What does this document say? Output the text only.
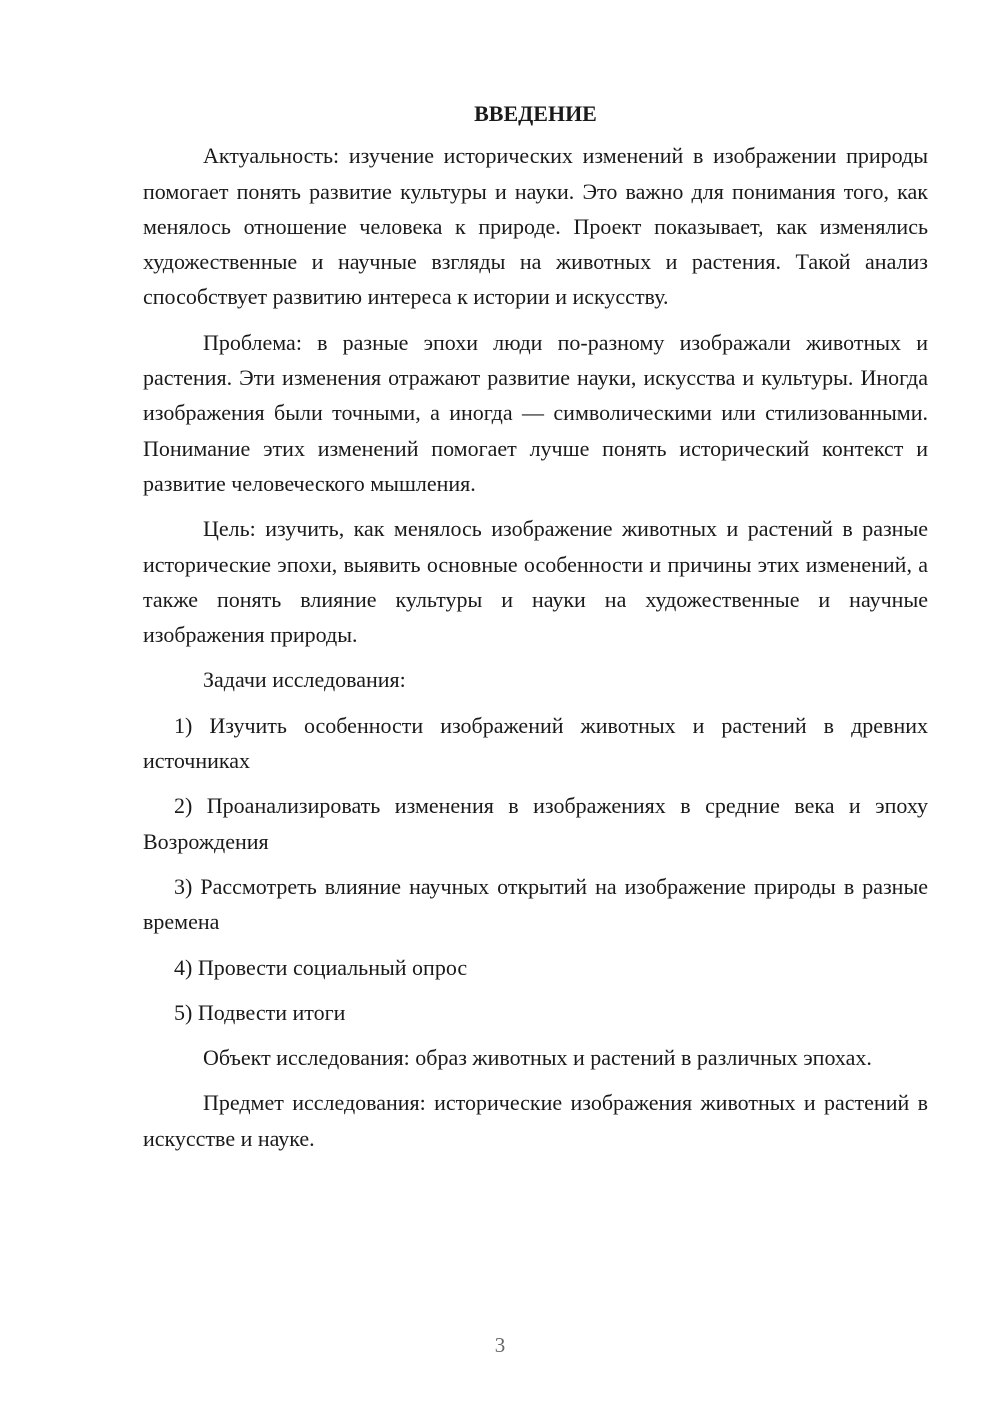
ВВЕДЕНИЕ

Актуальность: изучение исторических изменений в изображении природы помогает понять развитие культуры и науки. Это важно для понимания того, как менялось отношение человека к природе. Проект показывает, как изменялись художественные и научные взгляды на животных и растения. Такой анализ способствует развитию интереса к истории и искусству.

Проблема: в разные эпохи люди по-разному изображали животных и растения. Эти изменения отражают развитие науки, искусства и культуры. Иногда изображения были точными, а иногда — символическими или стилизованными. Понимание этих изменений помогает лучше понять исторический контекст и развитие человеческого мышления.

Цель: изучить, как менялось изображение животных и растений в разные исторические эпохи, выявить основные особенности и причины этих изменений, а также понять влияние культуры и науки на художественные и научные изображения природы.

Задачи исследования:

1) Изучить особенности изображений животных и растений в древних источниках

2) Проанализировать изменения в изображениях в средние века и эпоху Возрождения

3) Рассмотреть влияние научных открытий на изображение природы в разные времена

4) Провести социальный опрос

5) Подвести итоги

Объект исследования: образ животных и растений в различных эпохах.

Предмет исследования: исторические изображения животных и растений в искусстве и науке.

3
